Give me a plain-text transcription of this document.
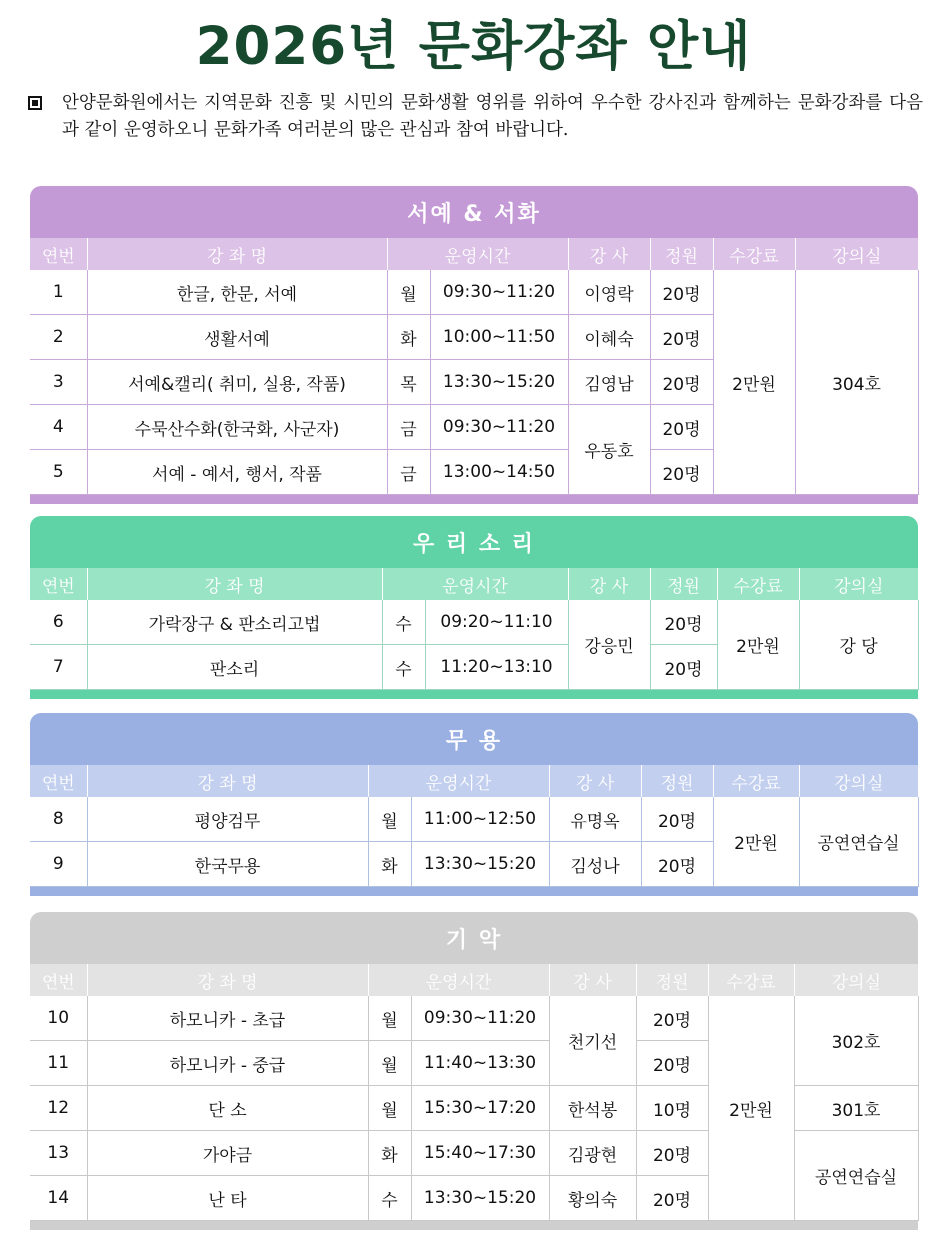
2026년 문화강좌 안내
안양문화원에서는 지역문화 진흥 및 시민의 문화생활 영위를 위하여 우수한 강사진과 함께하는 문화강좌를 다음과 같이 운영하오니 문화가족 여러분의 많은 관심과 참여 바랍니다.
서예 & 서화
연번	강 좌 명	운영시간		강 사	정원	수강료	강의실
1	한글, 한문, 서예	월	09:30~11:20	이영락	20명	2만원	304호
2	생활서예	화	10:00~11:50	이혜숙	20명		
3	서예&캘리( 취미, 실용, 작품)	목	13:30~15:20	김영남	20명		
4	수묵산수화(한국화, 사군자)	금	09:30~11:20	우동호	20명		
5	서예 - 예서, 행서, 작품	금	13:00~14:50		20명		
우 리 소 리
연번	강 좌 명	운영시간		강 사	정원	수강료	강의실
6	가락장구 & 판소리고법	수	09:20~11:10	강응민	20명	2만원	강 당
7	판소리	수	11:20~13:10		20명		
무 용
연번	강 좌 명	운영시간		강 사	정원	수강료	강의실
8	평양검무	월	11:00~12:50	유명옥	20명	2만원	공연연습실
9	한국무용	화	13:30~15:20	김성나	20명		
기 악
연번	강 좌 명	운영시간		강 사	정원	수강료	강의실
10	하모니카 - 초급	월	09:30~11:20	천기선	20명	2만원	302호
11	하모니카 - 중급	월	11:40~13:30		20명		
12	단 소	월	15:30~17:20	한석봉	10명		301호
13	가야금	화	15:40~17:30	김광현	20명		공연연습실
14	난 타	수	13:30~15:20	황의숙	20명		
